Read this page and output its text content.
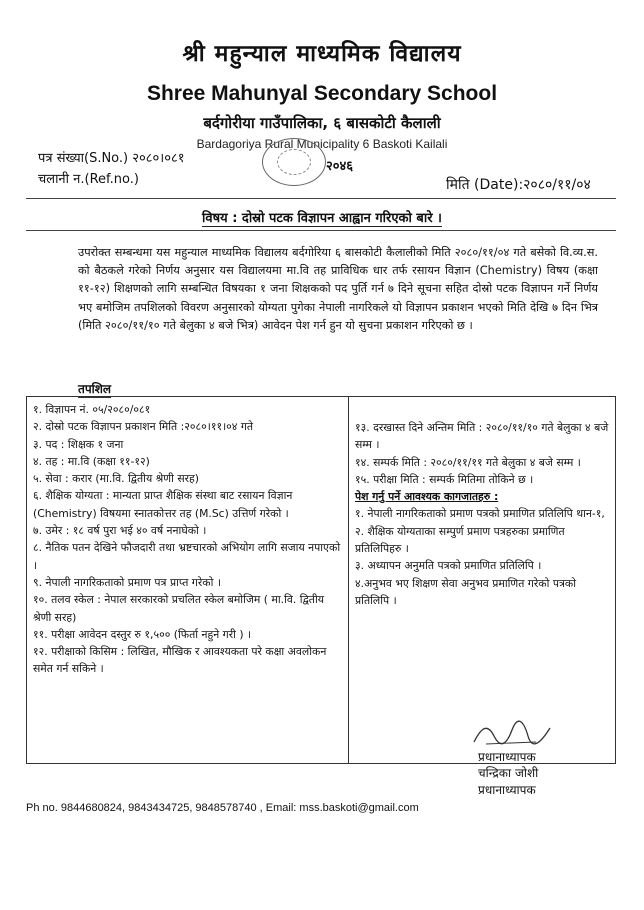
श्री महुन्याल माध्यमिक विद्यालय
Shree Mahunyal Secondary School
बर्दगोरीया गाउँपालिका, ६ बासकोटी कैलाली
Bardagoriya Rural Municipality 6 Baskoti Kailali
२०४६
पत्र संख्या(S.No.) २०८०।०८१
चलानी न.(Ref.no.)	मिति (Date):२०८०/११/०४
विषय : दोस्रो पटक विज्ञापन आह्वान गरिएको बारे ।
उपरोक्त सम्बन्धमा यस महुन्याल माध्यमिक विद्यालय बर्दगोरिया ६ बासकोटी कैलालीको मिति २०८०/११/०४ गते बसेको वि.व्य.स. को बैठकले गरेको निर्णय अनुसार यस विद्यालयमा मा.वि तह प्राविधिक धार तर्फ रसायन विज्ञान (Chemistry) विषय (कक्षा ११-१२) शिक्षणको लागि सम्बन्धित विषयका १ जना शिक्षकको पद पुर्ति गर्न ७ दिने सूचना सहित दोस्रो पटक विज्ञापन गर्ने निर्णय भए बमोजिम तपशिलको विवरण अनुसारको योग्यता पुगेका नेपाली नागरिकले यो विज्ञापन प्रकाशन भएको मिति देखि ७ दिन भित्र (मिति २०८०/११/१० गते बेलुका ४ बजे भित्र) आवेदन पेश गर्न हुन यो सुचना प्रकाशन गरिएको छ ।
तपशिल

१. विज्ञापन नं. ०५/२०८०/०८१

२. दोस्रो पटक विज्ञापन प्रकाशन मिति :२०८०।११।०४ गते

३. पद : शिक्षक १ जना

४. तह : मा.वि (कक्षा ११-१२)

५. सेवा : करार (मा.वि. द्वितीय श्रेणी सरह)

६. शैक्षिक योग्यता : मान्यता प्राप्त शैक्षिक संस्था बाट रसायन विज्ञान (Chemistry) विषयमा स्नातकोत्तर तह (M.Sc) उत्तिर्ण गरेको ।

७. उमेर : १८ वर्ष पुरा भई ४० वर्ष ननाघेको ।

८. नैतिक पतन देखिने फौजदारी तथा भ्रष्टचारको अभियोग लागि सजाय नपाएको ।

९. नेपाली नागरिकताको प्रमाण पत्र प्राप्त गरेको ।

१०. तलव स्केल : नेपाल सरकारको प्रचलित स्केल बमोजिम ( मा.वि. द्वितीय श्रेणी सरह)

११. परीक्षा आवेदन दस्तुर रु १,५०० (फिर्ता नहुने गरी ) ।

१२. परीक्षाको किसिम : लिखित, मौखिक र आवश्यकता परे कक्षा अवलोकन समेत गर्न सकिने ।

१३. दरखास्त दिने अन्तिम मिति : २०८०/११/१० गते बेलुका ४ बजे सम्म ।

१४. सम्पर्क मिति : २०८०/११/११ गते बेलुका ४ बजे सम्म ।

१५. परीक्षा मिति : सम्पर्क मितिमा तोकिने छ ।

पेश गर्नु पर्ने आवश्यक कागजातहरु :

१. नेपाली नागरिकताको प्रमाण पत्रको प्रमाणित प्रतिलिपि थान-१,

२. शैक्षिक योग्यताका सम्पुर्ण प्रमाण पत्रहरुका प्रमाणित प्रतिलिपिहरु ।

३. अध्यापन अनुमति पत्रको प्रमाणित प्रतिलिपि ।

४.अनुभव भए शिक्षण सेवा अनुभव प्रमाणित गरेको पत्रको प्रतिलिपि ।

प्रधानाध्यापक
चन्द्रिका जोशी
प्रधानाध्यापक
Ph no. 9844680824, 9843434725, 9848578740 , Email: mss.baskoti@gmail.com
